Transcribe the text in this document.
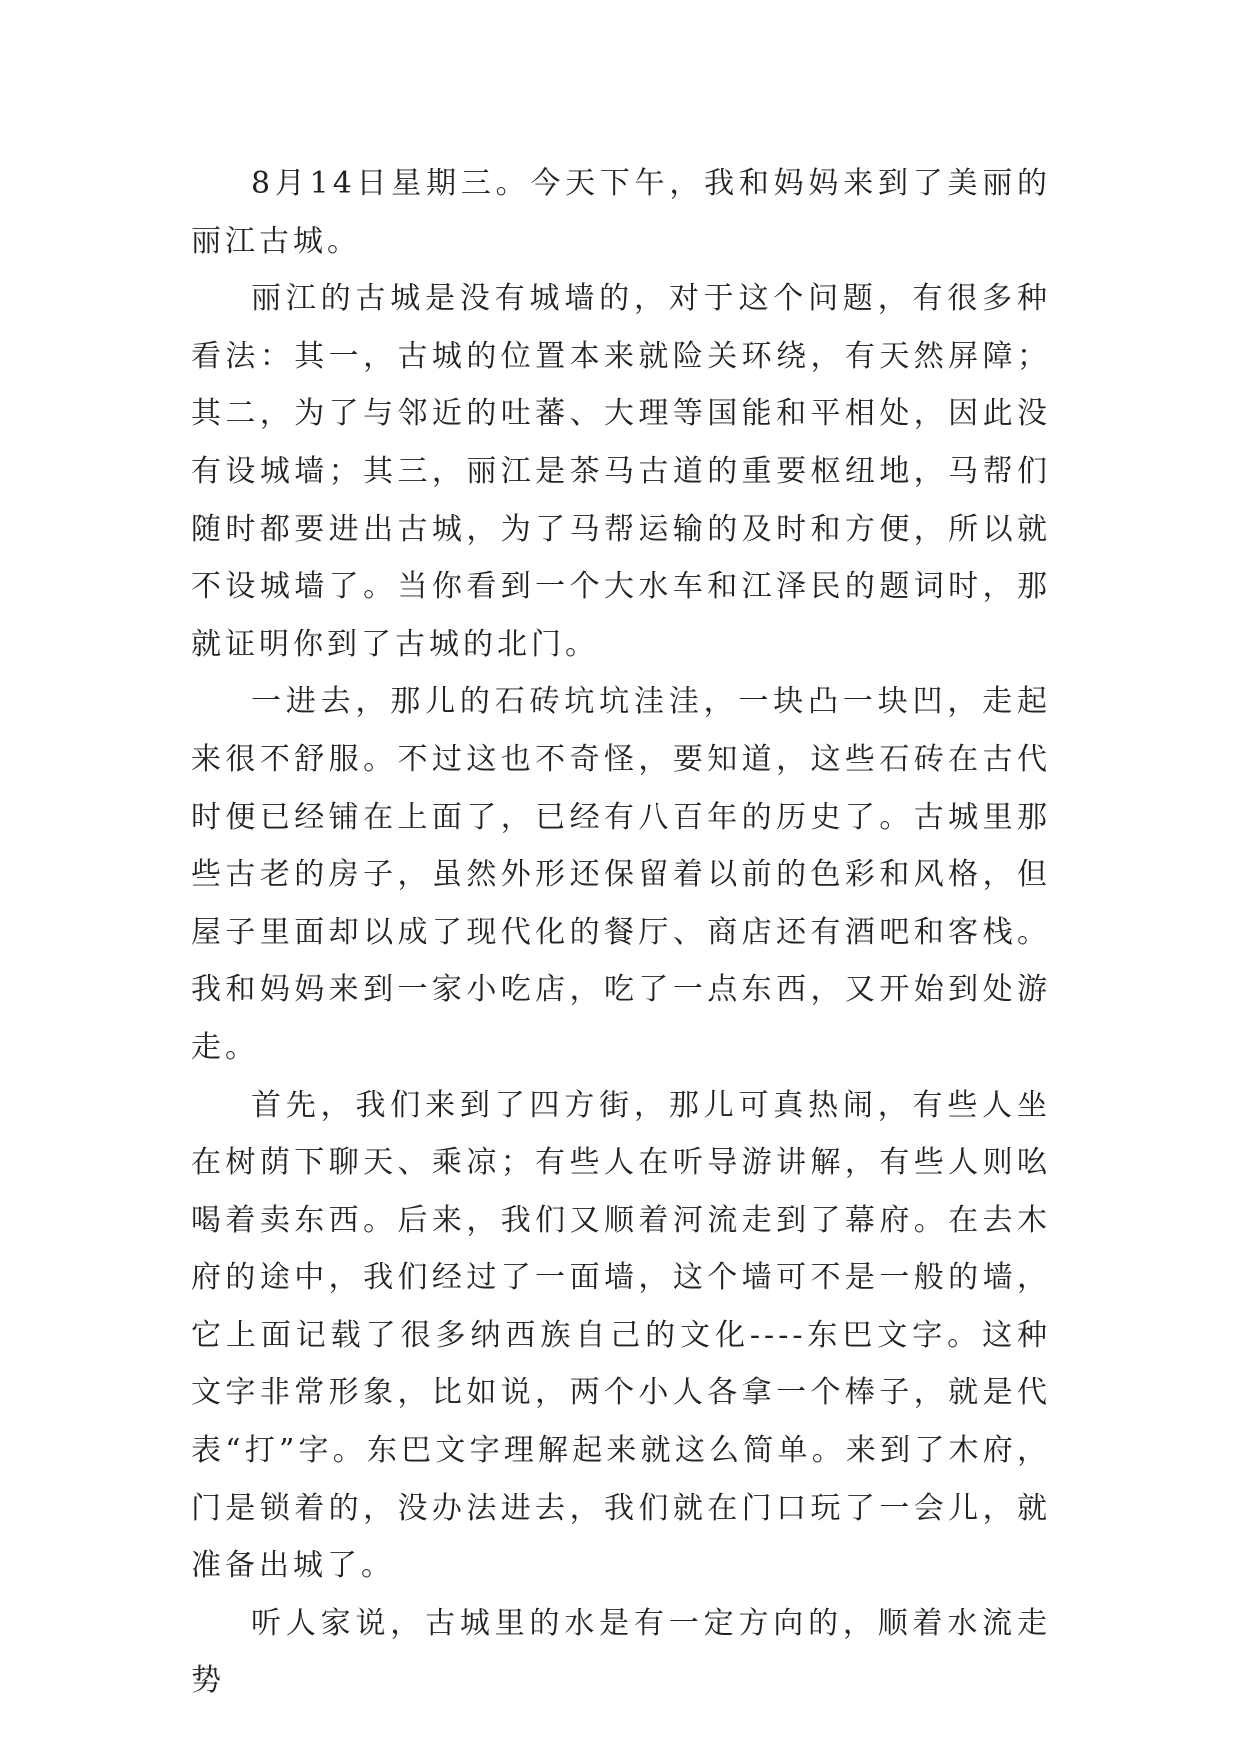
8月14日星期三。今天下午，我和妈妈来到了美丽的丽江古城。

丽江的古城是没有城墙的，对于这个问题，有很多种看法：其一，古城的位置本来就险关环绕，有天然屏障；其二，为了与邻近的吐蕃、大理等国能和平相处，因此没有设城墙；其三，丽江是茶马古道的重要枢纽地，马帮们随时都要进出古城，为了马帮运输的及时和方便，所以就不设城墙了。当你看到一个大水车和江泽民的题词时，那就证明你到了古城的北门。

一进去，那儿的石砖坑坑洼洼，一块凸一块凹，走起来很不舒服。不过这也不奇怪，要知道，这些石砖在古代时便已经铺在上面了，已经有八百年的历史了。古城里那些古老的房子，虽然外形还保留着以前的色彩和风格，但屋子里面却以成了现代化的餐厅、商店还有酒吧和客栈。我和妈妈来到一家小吃店，吃了一点东西，又开始到处游走。

首先，我们来到了四方街，那儿可真热闹，有些人坐在树荫下聊天、乘凉；有些人在听导游讲解，有些人则吆喝着卖东西。后来，我们又顺着河流走到了幕府。在去木府的途中，我们经过了一面墙，这个墙可不是一般的墙，它上面记载了很多纳西族自己的文化----东巴文字。这种文字非常形象，比如说，两个小人各拿一个棒子，就是代表“打”字。东巴文字理解起来就这么简单。来到了木府，门是锁着的，没办法进去，我们就在门口玩了一会儿，就准备出城了。

听人家说，古城里的水是有一定方向的，顺着水流走势
